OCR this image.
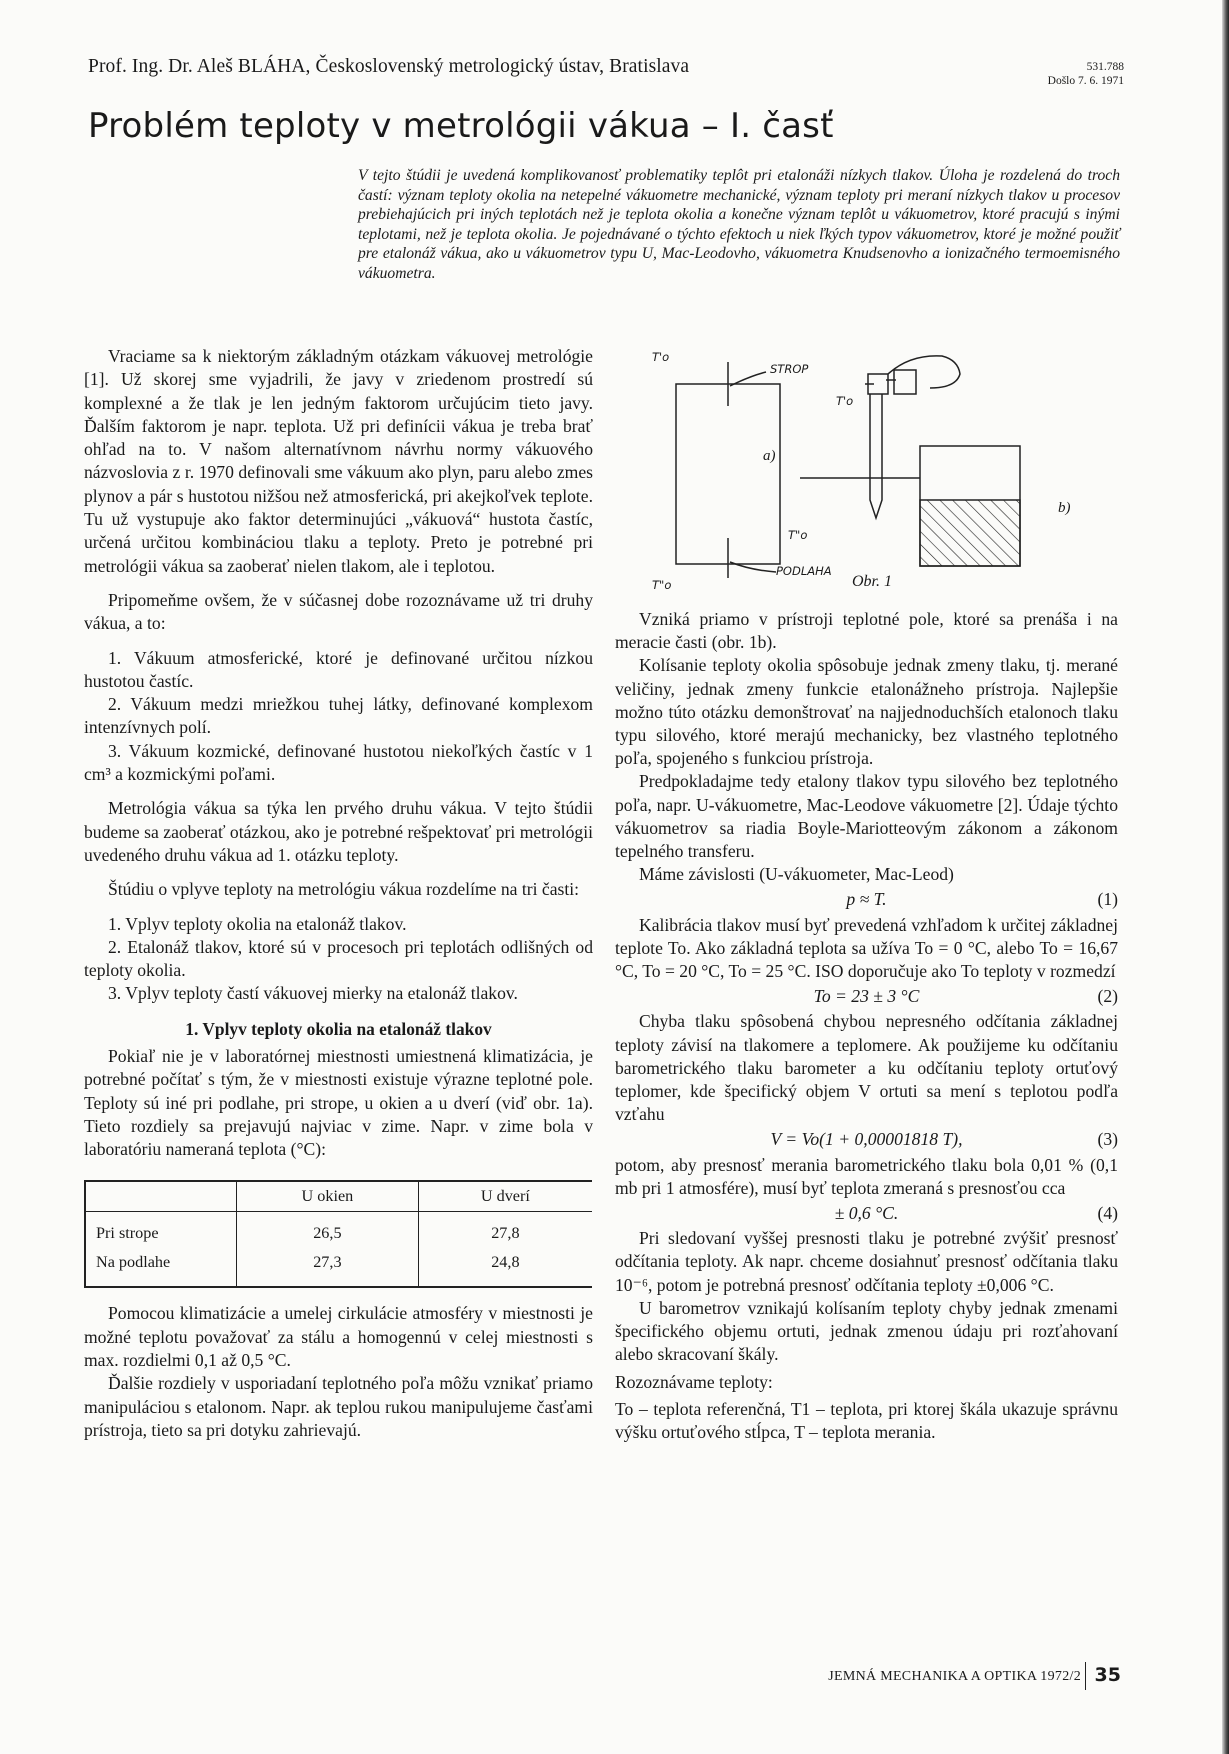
Prof. Ing. Dr. Aleš BLÁHA, Československý metrologický ústav, Bratislava	531.788
Došlo 7. 6. 1971
Problém teploty v metrológii vákua – I. časť

V tejto štúdii je uvedená komplikovanosť problematiky teplôt pri etalonáži nízkych tlakov. Úloha je rozdelená do troch častí: význam teploty okolia na netepelné vákuometre mechanické, význam teploty pri meraní nízkych tlakov u procesov prebiehajúcich pri iných teplotách než je teplota okolia a konečne význam teplôt u vákuometrov, ktoré pracujú s inými teplotami, než je teplota okolia. Je pojednávané o týchto efektoch u niek ľkých typov vákuometrov, ktoré je možné použiť pre etalonáž vákua, ako u vákuometrov typu U, Mac-Leodovho, vákuometra Knudsenovho a ionizačného termoemisného vákuometra.

Vraciame sa k niektorým základným otázkam vákuovej metrológie [1]. Už skorej sme vyjadrili, že javy v zriedenom prostredí sú komplexné a že tlak je len jedným faktorom určujúcim tieto javy. Ďalším faktorom je napr. teplota. Už pri definícii vákua je treba brať ohľad na to. V našom alternatívnom návrhu normy vákuového názvoslovia z r. 1970 definovali sme vákuum ako plyn, paru alebo zmes plynov a pár s hustotou nižšou než atmosferická, pri akejkoľvek teplote. Tu už vystupuje ako faktor determinujúci „vákuová“ hustota častíc, určená určitou kombináciou tlaku a teploty. Preto je potrebné pri metrológii vákua sa zaoberať nielen tlakom, ale i teplotou.

Pripomeňme ovšem, že v súčasnej dobe rozoznávame už tri druhy vákua, a to:

1. Vákuum atmosferické, ktoré je definované určitou nízkou hustotou častíc.

2. Vákuum medzi mriežkou tuhej látky, definované komplexom intenzívnych polí.

3. Vákuum kozmické, definované hustotou niekoľkých častíc v 1 cm³ a kozmickými poľami.

Metrológia vákua sa týka len prvého druhu vákua. V tejto štúdii budeme sa zaoberať otázkou, ako je potrebné rešpektovať pri metrológii uvedeného druhu vákua ad 1. otázku teploty.

Štúdiu o vplyve teploty na metrológiu vákua rozdelíme na tri časti:

1. Vplyv teploty okolia na etalonáž tlakov.

2. Etalonáž tlakov, ktoré sú v procesoch pri teplotách odlišných od teploty okolia.

3. Vplyv teploty častí vákuovej mierky na etalonáž tlakov.

1. Vplyv teploty okolia na etalonáž tlakov

Pokiaľ nie je v laboratórnej miestnosti umiestnená klimatizácia, je potrebné počítať s tým, že v miestnosti existuje výrazne teplotné pole. Teploty sú iné pri podlahe, pri strope, u okien a u dverí (viď obr. 1a). Tieto rozdiely sa prejavujú najviac v zime. Napr. v zime bola v laboratóriu nameraná teplota (°C):

	U okien	U dverí
Pri strope	26,5	27,8
Na podlahe	27,3	24,8

Pomocou klimatizácie a umelej cirkulácie atmosféry v miestnosti je možné teplotu považovať za stálu a homogennú v celej miestnosti s max. rozdielmi 0,1 až 0,5 °C.

Ďalšie rozdiely v usporiadaní teplotného poľa môžu vznikať priamo manipuláciou s etalonom. Napr. ak teplou rukou manipulujeme časťami prístroja, tieto sa pri dotyku zahrievajú.

T'o
STROP
a)
PODLAHA
T"o
T'o
T"o
b)
Obr. 1

Vzniká priamo v prístroji teplotné pole, ktoré sa prenáša i na meracie časti (obr. 1b).

Kolísanie teploty okolia spôsobuje jednak zmeny tlaku, tj. merané veličiny, jednak zmeny funkcie etalonážneho prístroja. Najlepšie možno túto otázku demonštrovať na najjednoduchších etalonoch tlaku typu silového, ktoré merajú mechanicky, bez vlastného teplotného poľa, spojeného s funkciou prístroja.

Predpokladajme tedy etalony tlakov typu silového bez teplotného poľa, napr. U-vákuometre, Mac-Leodove vákuometre [2]. Údaje týchto vákuometrov sa riadia Boyle-Mariotteovým zákonom a zákonom tepelného transferu.

Máme závislosti (U-vákuometer, Mac-Leod)

p ≈ T.	(1)

Kalibrácia tlakov musí byť prevedená vzhľadom k určitej základnej teplote To. Ako základná teplota sa užíva To = 0 °C, alebo To = 16,67 °C, To = 20 °C, To = 25 °C. ISO doporučuje ako To teploty v rozmedzí

To = 23 ± 3 °C	(2)

Chyba tlaku spôsobená chybou nepresného odčítania základnej teploty závisí na tlakomere a teplomere. Ak použijeme ku odčítaniu barometrického tlaku barometer a ku odčítaniu teploty ortuťový teplomer, kde špecifický objem V ortuti sa mení s teplotou podľa vzťahu

V = Vo(1 + 0,00001818 T),	(3)

potom, aby presnosť merania barometrického tlaku bola 0,01 % (0,1 mb pri 1 atmosfére), musí byť teplota zmeraná s presnosťou cca

± 0,6 °C.	(4)

Pri sledovaní vyššej presnosti tlaku je potrebné zvýšiť presnosť odčítania teploty. Ak napr. chceme dosiahnuť presnosť odčítania tlaku 10⁻⁶, potom je potrebná presnosť odčítania teploty ±0,006 °C.

U barometrov vznikajú kolísaním teploty chyby jednak zmenami špecifického objemu ortuti, jednak zmenou údaju pri rozťahovaní alebo skracovaní škály.

Rozoznávame teploty:

To – teplota referenčná, T1 – teplota, pri ktorej škála ukazuje správnu výšku ortuťového stĺpca, T – teplota merania.

JEMNÁ MECHANIKA A OPTIKA 1972/2 35
